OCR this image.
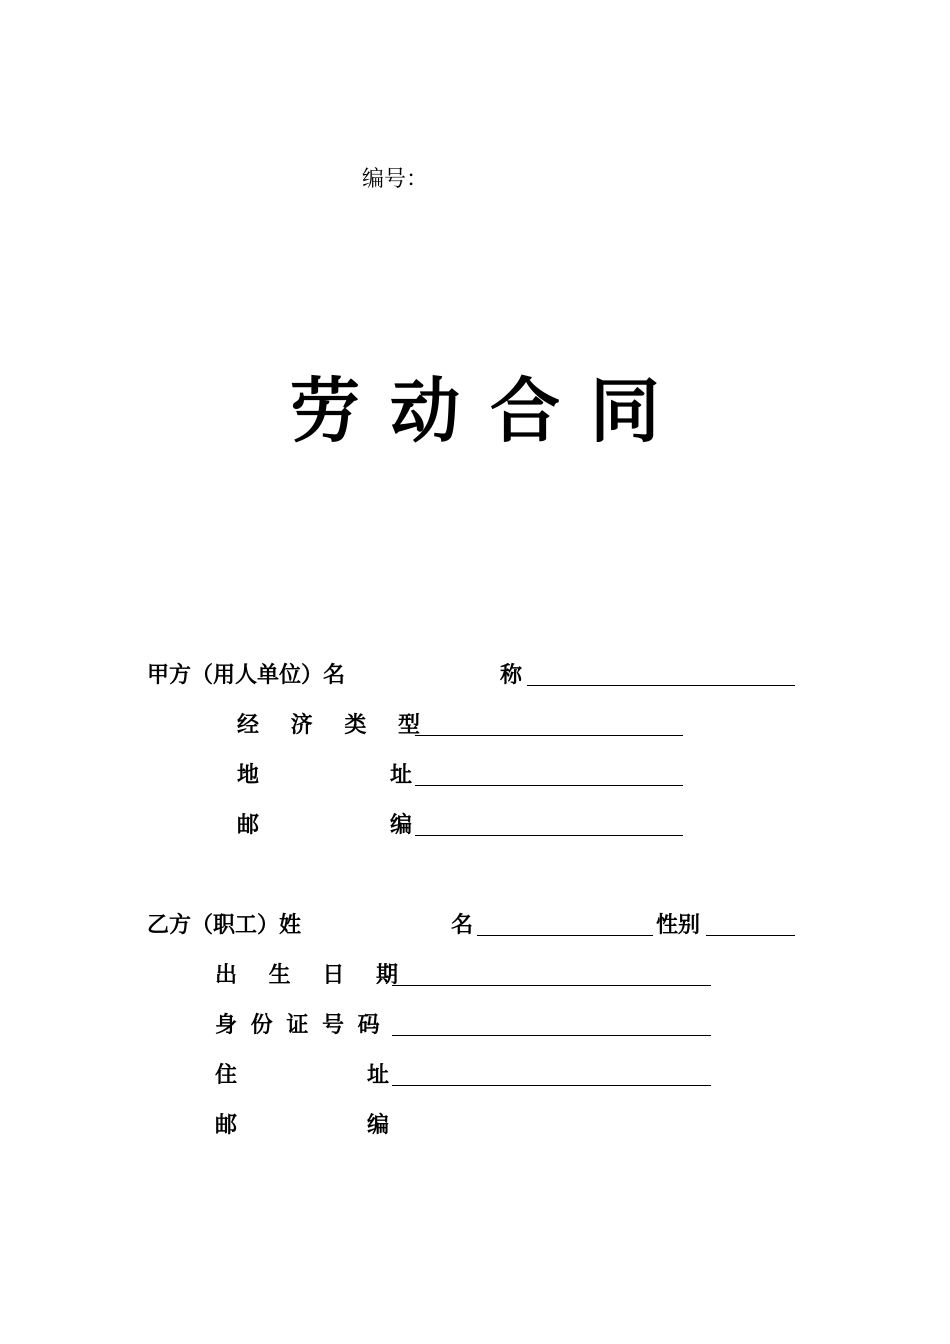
编号：
劳动合同
甲方（用人单位）名	称
经 济 类 型
地	址
邮	编
乙方（职工）姓	名	性别
出 生 日 期
身 份 证 号 码
住	址
邮	编
